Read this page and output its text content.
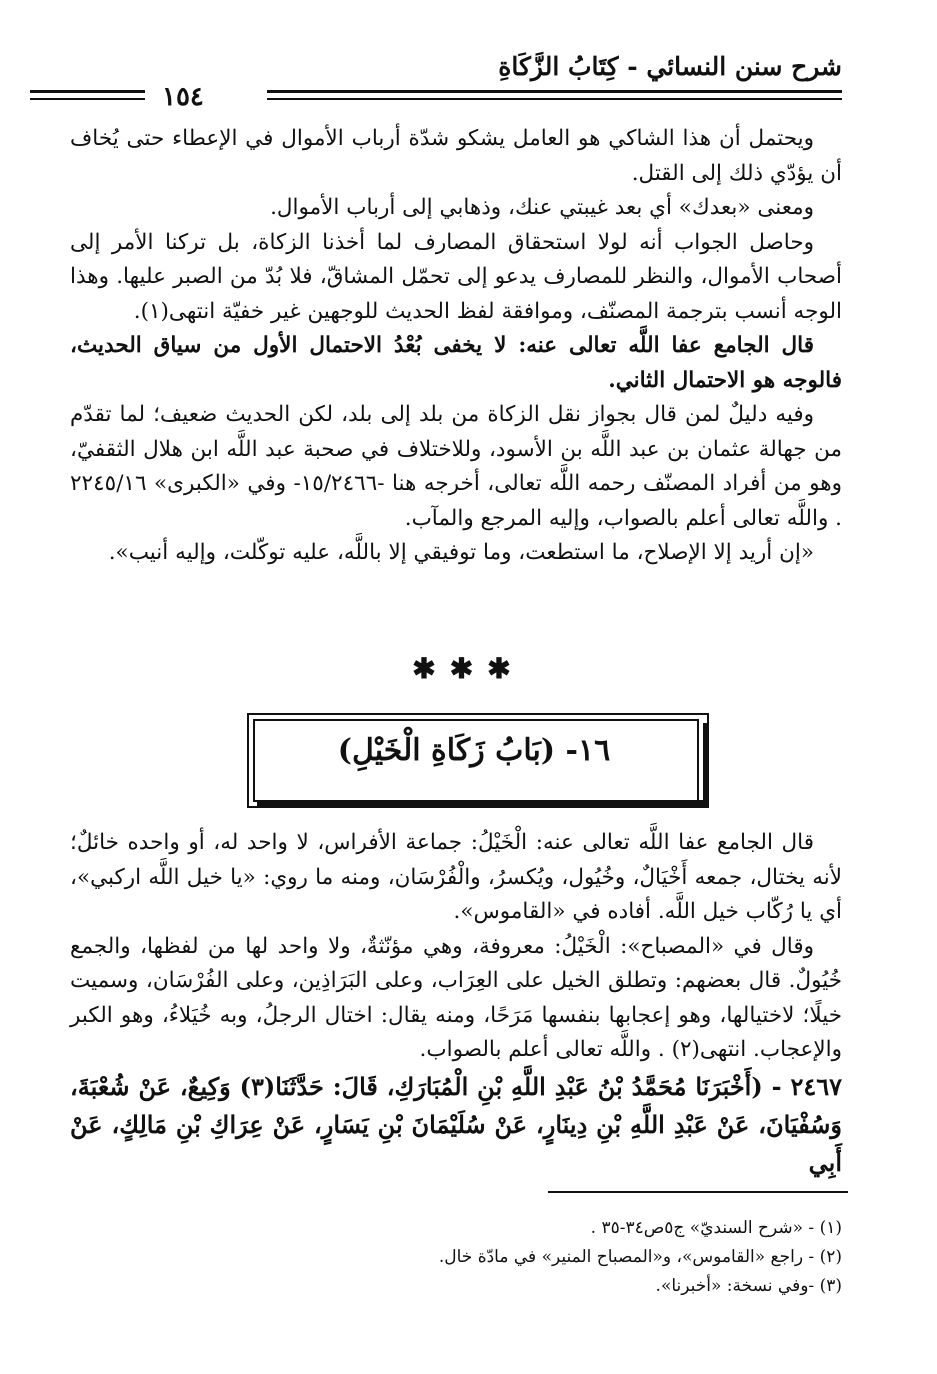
شرح سنن النسائي - كِتَابُ الزَّكَاةِ
١٥٤

ويحتمل أن هذا الشاكي هو العامل يشكو شدّة أرباب الأموال في الإعطاء حتى يُخاف أن يؤدّي ذلك إلى القتل.

ومعنى «بعدك» أي بعد غيبتي عنك، وذهابي إلى أرباب الأموال.

وحاصل الجواب أنه لولا استحقاق المصارف لما أخذنا الزكاة، بل تركنا الأمر إلى أصحاب الأموال، والنظر للمصارف يدعو إلى تحمّل المشاقّ، فلا بُدّ من الصبر عليها. وهذا الوجه أنسب بترجمة المصنّف، وموافقة لفظ الحديث للوجهين غير خفيّة انتهى(١).

قال الجامع عفا اللَّه تعالى عنه: لا يخفى بُعْدُ الاحتمال الأول من سياق الحديث، فالوجه هو الاحتمال الثاني.

وفيه دليلٌ لمن قال بجواز نقل الزكاة من بلد إلى بلد، لكن الحديث ضعيف؛ لما تقدّم من جهالة عثمان بن عبد اللَّه بن الأسود، وللاختلاف في صحبة عبد اللَّه ابن هلال الثقفيّ، وهو من أفراد المصنّف رحمه اللَّه تعالى، أخرجه هنا -١٥/٢٤٦٦- وفي «الكبرى» ٢٢٤٥/١٦ . واللَّه تعالى أعلم بالصواب، وإليه المرجع والمآب.

«إن أريد إلا الإصلاح، ما استطعت، وما توفيقي إلا باللَّه، عليه توكّلت، وإليه أنيب».

✱✱✱
١٦- (بَابُ زَكَاةِ الْخَيْلِ)

قال الجامع عفا اللَّه تعالى عنه: الْخَيْلُ: جماعة الأفراس، لا واحد له، أو واحده خائلٌ؛ لأنه يختال، جمعه أَخْيَالٌ، وخُيُول، ويُكسرُ، والْفُرْسَان، ومنه ما روي: «يا خيل اللَّه اركبي»، أي يا رُكّاب خيل اللَّه. أفاده في «القاموس».

وقال في «المصباح»: الْخَيْلُ: معروفة، وهي مؤنّثةٌ، ولا واحد لها من لفظها، والجمع خُيُولٌ. قال بعضهم: وتطلق الخيل على العِرَاب، وعلى البَرَاذِين، وعلى الفُرْسَان، وسميت خيلًا؛ لاختيالها، وهو إعجابها بنفسها مَرَحًا، ومنه يقال: اختال الرجلُ، وبه خُيَلاءُ، وهو الكبر والإعجاب. انتهى(٢) . واللَّه تعالى أعلم بالصواب.

٢٤٦٧ - (أَخْبَرَنَا مُحَمَّدُ بْنُ عَبْدِ اللَّهِ بْنِ الْمُبَارَكِ، قَالَ: حَدَّثَنَا(٣) وَكِيعٌ، عَنْ شُعْبَةَ، وَسُفْيَانَ، عَنْ عَبْدِ اللَّهِ بْنِ دِينَارٍ، عَنْ سُلَيْمَانَ بْنِ يَسَارٍ، عَنْ عِرَاكِ بْنِ مَالِكٍ، عَنْ أَبِي

(١) - «شرح السنديّ» ج٥ص٣٤-٣٥ .

(٢) - راجع «القاموس»، و«المصباح المنير» في مادّة خال.

(٣) -وفي نسخة: «أخبرنا».
